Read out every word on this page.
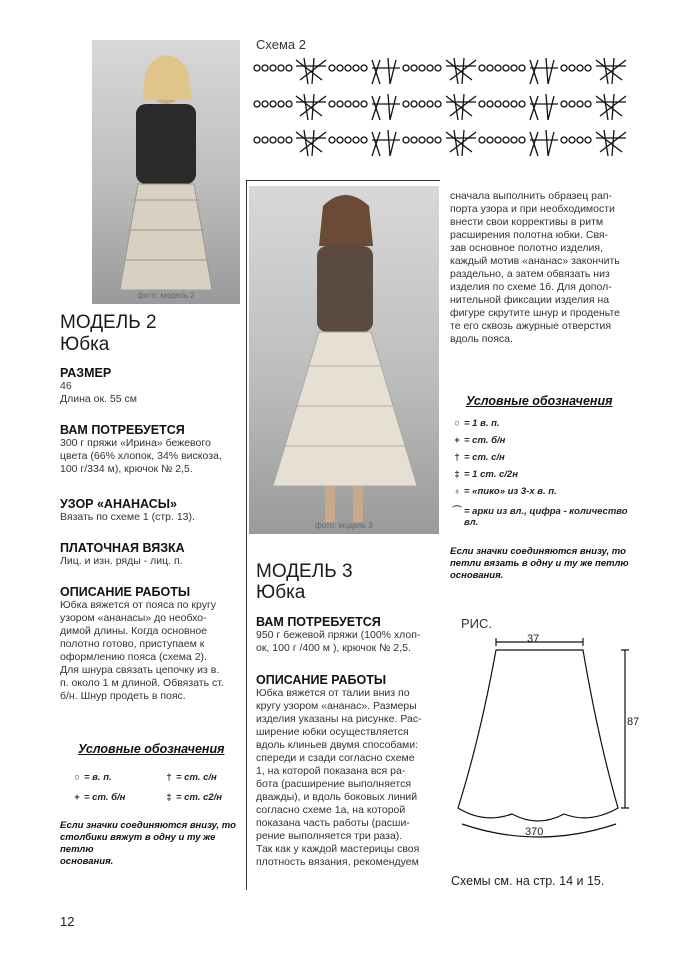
Схема 2
фото: модель 2
фото: модель 3
МОДЕЛЬ 2
Юбка

РАЗМЕР

46

Длина ок. 55 см

ВАМ ПОТРЕБУЕТСЯ

300 г пряжи «Ирина» бежевого

цвета (66% хлопок, 34% вискоза,

100 г/334 м), крючок № 2,5.

УЗОР «АНАНАСЫ»

Вязать по схеме 1 (стр. 13).

ПЛАТОЧНАЯ ВЯЗКА

Лиц. и изн. ряды - лиц. п.

ОПИСАНИЕ РАБОТЫ

Юбка вяжется от пояса по кругу

узором «ананасы» до необхо-

димой длины. Когда основное

полотно готово, приступаем к

оформлению пояса (схема 2).

Для шнура связать цепочку из в.

п. около 1 м длиной. Обвязать ст.

б/н. Шнур продеть в пояс.

Условные обозначения
○ = в. п.
+ = ст. б/н
† = ст. с/н
‡ = ст. с2/н
Если значки соединяются внизу, то
столбики вяжут в одну и ту же петлю
основания.
МОДЕЛЬ 3
Юбка

ВАМ ПОТРЕБУЕТСЯ

950 г бежевой пряжи (100% хлоп-

ок, 100 г /400 м ), крючок № 2,5.

ОПИСАНИЕ РАБОТЫ

Юбка вяжется от талии вниз по

кругу узором «ананас». Размеры

изделия указаны на рисунке. Рас-

ширение юбки осуществляется

вдоль клиньев двумя способами:

спереди и сзади согласно схеме

1, на которой показана вся ра-

бота (расширение выполняется

дважды), и вдоль боковых линий

согласно схеме 1а, на которой

показана часть работы (расши-

рение выполняется три раза).

Так как у каждой мастерицы своя

плотность вязания, рекомендуем

сначала выполнить образец рап-

порта узора и при необходимости

внести свои коррективы в ритм

расширения полотна юбки. Свя-

зав основное полотно изделия,

каждый мотив «ананас» закончить

раздельно, а затем обвязать низ

изделия по схеме 1б. Для допол-

нительной фиксации изделия на

фигуре скрутите шнур и проденьте

те его сквозь ажурные отверстия

вдоль пояса.

Условные обозначения
○ = 1 в. п.
+ = ст. б/н
† = ст. с/н
‡ = 1 ст. с/2н
♁ = «пико» из 3-х в. п.
⌒ = арки из вл., цифра - количество
вл.
Если значки соединяются внизу, то
петли вязать в одну и ту же петлю
основания.
РИС.
37
87
370
Схемы см. на стр. 14 и 15.
12
